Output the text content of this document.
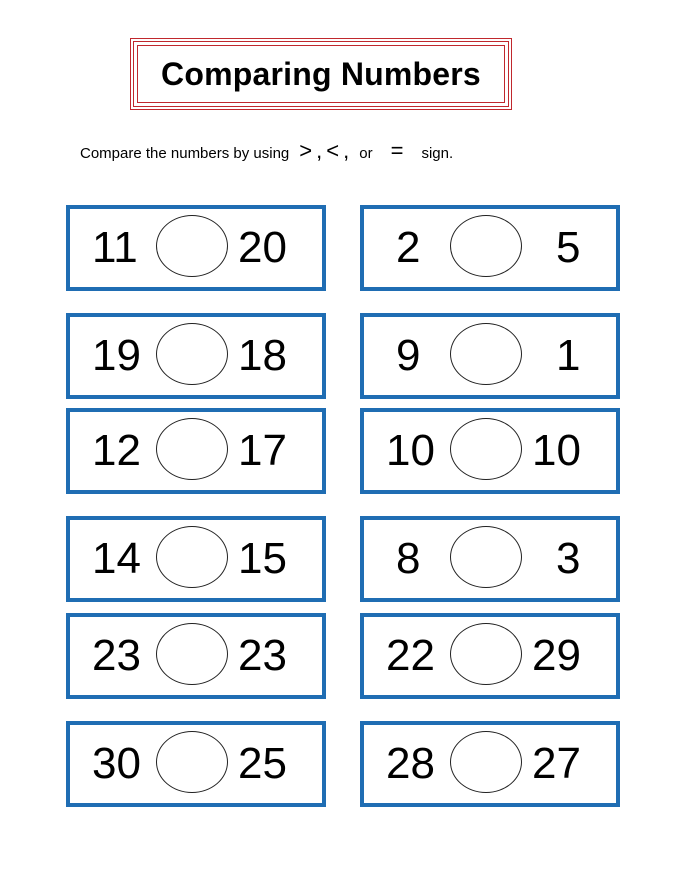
Comparing Numbers
Compare the numbers by using > , < , or = sign.
11 20 2	5
19 18 9	1
12 17 10 10
14 15 8	3
23 23 22 29
30 25 28 27
